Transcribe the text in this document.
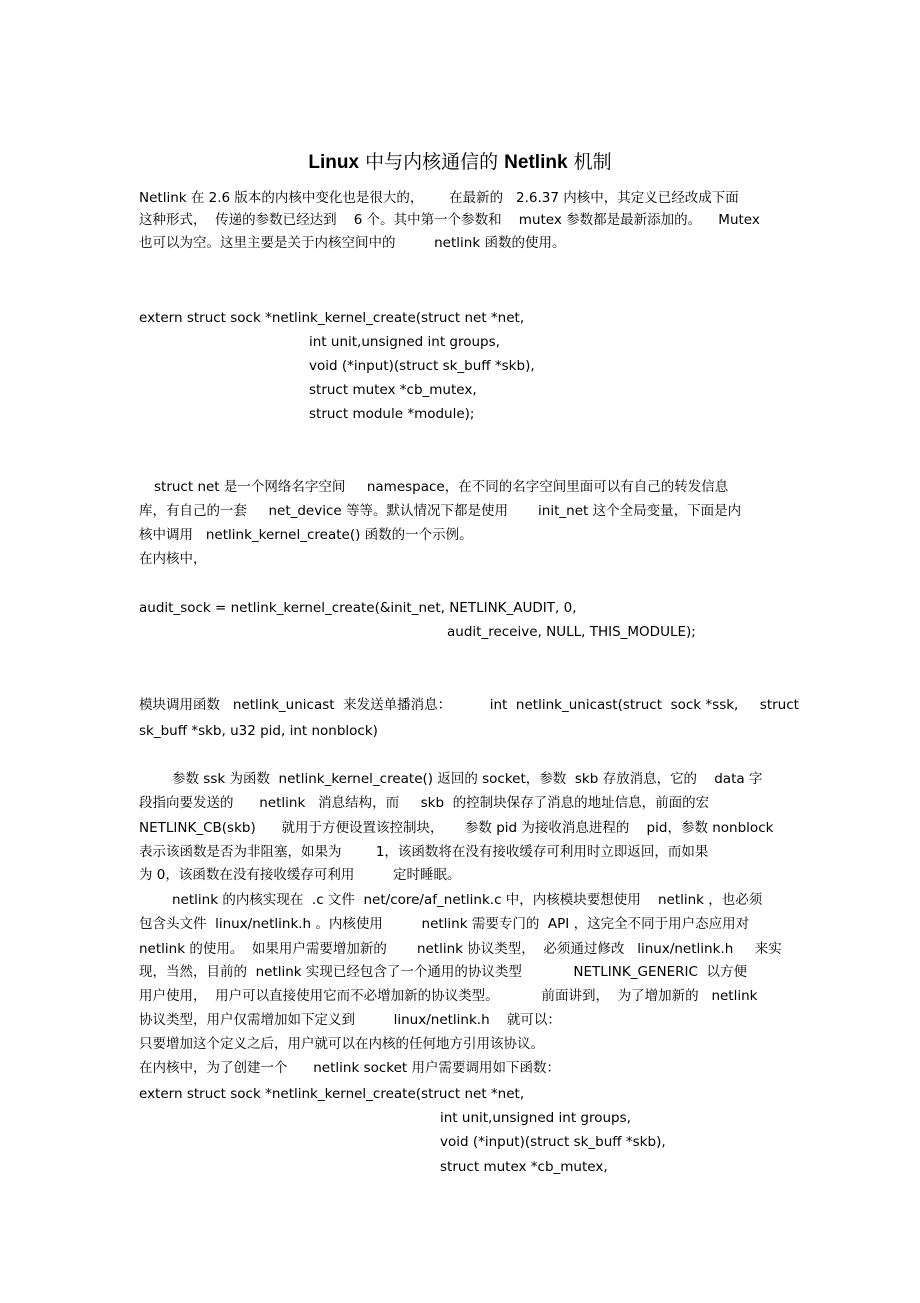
Linux 中与内核通信的 Netlink 机制
Netlink 在 2.6 版本的内核中变化也是很大的，      在最新的   2.6.37 内核中，其定义已经改成下面
这种形式，  传递的参数已经达到    6 个。其中第一个参数和    mutex 参数都是最新添加的。    Mutex
也可以为空。这里主要是关于内核空间中的         netlink 函数的使用。
extern struct sock *netlink_kernel_create(struct net *net,
int unit,unsigned int groups,
void (*input)(struct sk_buff *skb),
struct mutex *cb_mutex,
struct module *module);
struct net 是一个网络名字空间     namespace，在不同的名字空间里面可以有自己的转发信息
库，有自己的一套     net_device 等等。默认情况下都是使用       init_net 这个全局变量，下面是内
核中调用   netlink_kernel_create() 函数的一个示例。
在内核中，
audit_sock = netlink_kernel_create(&init_net, NETLINK_AUDIT, 0,
audit_receive, NULL, THIS_MODULE);
模块调用函数   netlink_unicast  来发送单播消息：         int  netlink_unicast(struct  sock *ssk,     struct
sk_buff *skb, u32 pid, int nonblock)
参数 ssk 为函数  netlink_kernel_create() 返回的 socket，参数  skb 存放消息，它的    data 字
段指向要发送的      netlink   消息结构，而     skb  的控制块保存了消息的地址信息，前面的宏
NETLINK_CB(skb)      就用于方便设置该控制块，     参数 pid 为接收消息进程的    pid，参数 nonblock
表示该函数是否为非阻塞，如果为        1，该函数将在没有接收缓存可利用时立即返回，而如果
为 0，该函数在没有接收缓存可利用         定时睡眠。
netlink 的内核实现在  .c 文件  net/core/af_netlink.c 中，内核模块要想使用    netlink ，也必须
包含头文件  linux/netlink.h 。内核使用         netlink 需要专门的  API ，这完全不同于用户态应用对
netlink 的使用。  如果用户需要增加新的       netlink 协议类型，  必须通过修改   linux/netlink.h     来实
现，当然，目前的  netlink 实现已经包含了一个通用的协议类型            NETLINK_GENERIC  以方便
用户使用，  用户可以直接使用它而不必增加新的协议类型。          前面讲到，  为了增加新的   netlink
协议类型，用户仅需增加如下定义到         linux/netlink.h    就可以：
只要增加这个定义之后，用户就可以在内核的任何地方引用该协议。
在内核中，为了创建一个      netlink socket 用户需要调用如下函数：
extern struct sock *netlink_kernel_create(struct net *net,
int unit,unsigned int groups,
void (*input)(struct sk_buff *skb),
struct mutex *cb_mutex,
